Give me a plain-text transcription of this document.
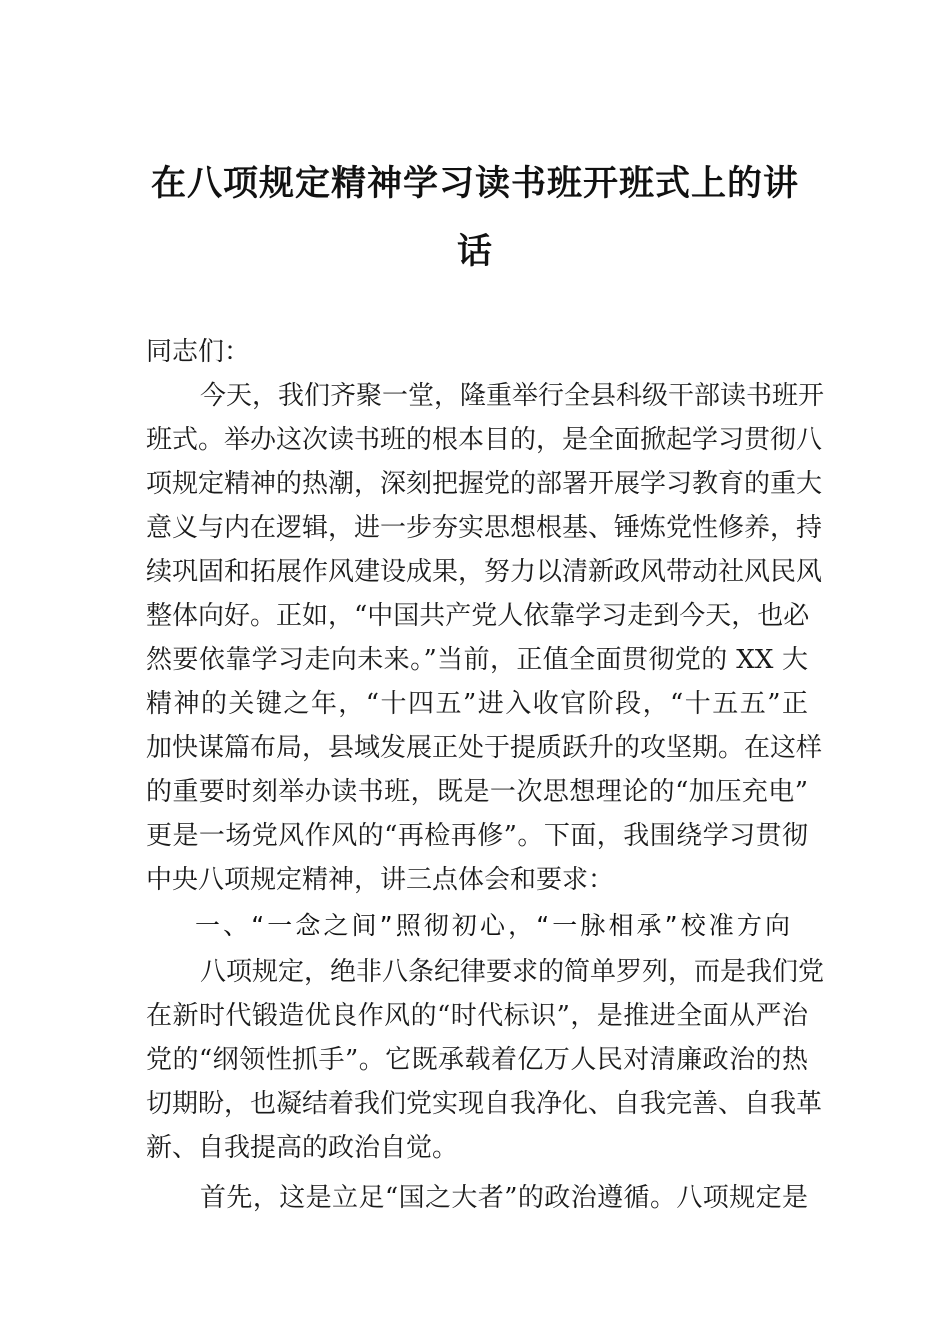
在八项规定精神学习读书班开班式上的讲
话
同志们：
今天，我们齐聚一堂，隆重举行全县科级干部读书班开
班式。举办这次读书班的根本目的，是全面掀起学习贯彻八
项规定精神的热潮，深刻把握党的部署开展学习教育的重大
意义与内在逻辑，进一步夯实思想根基、锤炼党性修养，持
续巩固和拓展作风建设成果，努力以清新政风带动社风民风
整体向好。正如，“中国共产党人依靠学习走到今天，也必
然要依靠学习走向未来。”当前，正值全面贯彻党的 XX 大
精神的关键之年，“十四五”进入收官阶段，“十五五”正
加快谋篇布局，县域发展正处于提质跃升的攻坚期。在这样
的重要时刻举办读书班，既是一次思想理论的“加压充电”
更是一场党风作风的“再检再修”。下面，我围绕学习贯彻
中央八项规定精神，讲三点体会和要求：
一、“一念之间”照彻初心，“一脉相承”校准方向
八项规定，绝非八条纪律要求的简单罗列，而是我们党
在新时代锻造优良作风的“时代标识”，是推进全面从严治
党的“纲领性抓手”。它既承载着亿万人民对清廉政治的热
切期盼，也凝结着我们党实现自我净化、自我完善、自我革
新、自我提高的政治自觉。
首先，这是立足“国之大者”的政治遵循。八项规定是
